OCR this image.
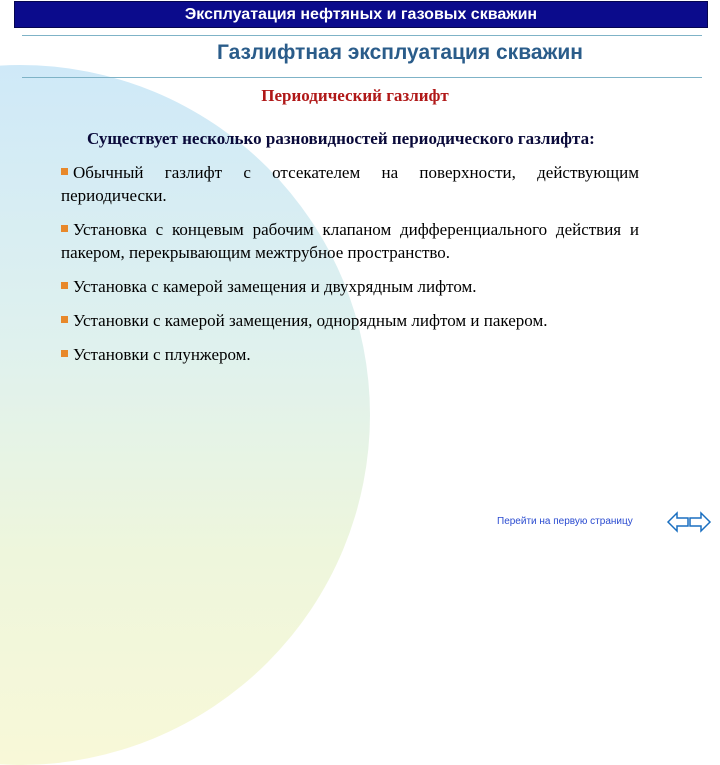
Эксплуатация нефтяных и газовых скважин
Газлифтная эксплуатация скважин
Периодический газлифт

Существует несколько разновидностей периодического газлифта:

Обычный газлифт с отсекателем на поверхности, действующим периодически.

Установка с концевым рабочим клапаном дифференциального действия и пакером, перекрывающим межтрубное пространство.

Установка с камерой замещения и двухрядным лифтом.

Установки с камерой замещения, однорядным лифтом и пакером.

Установки с плунжером.

Перейти на первую страницу
